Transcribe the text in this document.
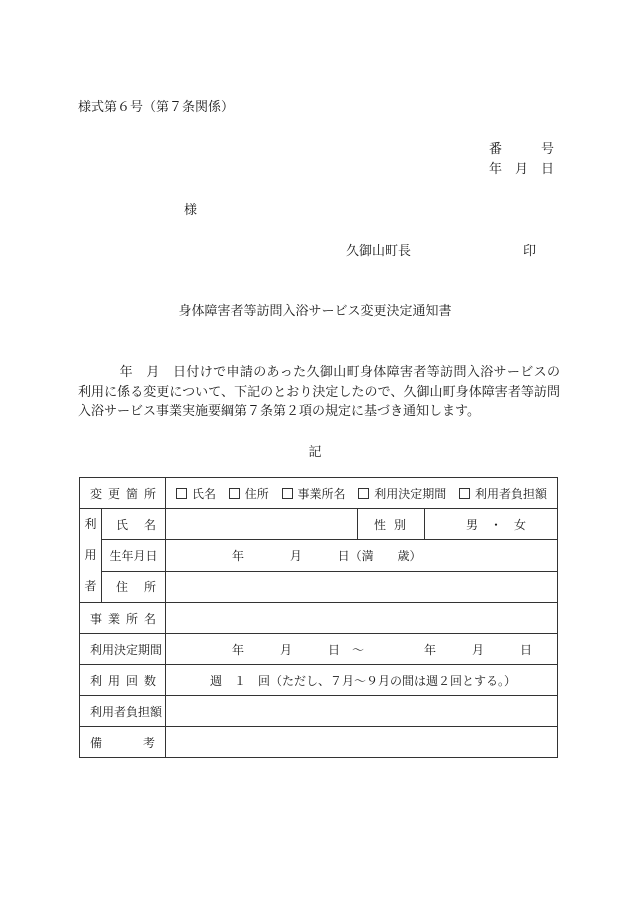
様式第６号（第７条関係）
番　　　号
年　月　日
様
久御山町長	印
身体障害者等訪問入浴サービス変更決定通知書
年　月　日付けで申請のあった久御山町身体障害者等訪問入浴サービスの利用に係る変更について、下記のとおり決定したので、久御山町身体障害者等訪問入浴サービス事業実施要綱第７条第２項の規定に基づき通知します。
記
変更箇所		氏名 住所 事業所名 利用決定期間 利用者負担額		

利
用
者	氏名		性別	男　・　女

	生年月日	年 月 日（満 歳）		

	住所			

事業所名				

利用決定期間		年　　　月　　　日　～　　　　　年　　　月　　　日		

利用回数		週　１　回（ただし、７月～９月の間は週２回とする。）		

利用者負担額				

備 考				
